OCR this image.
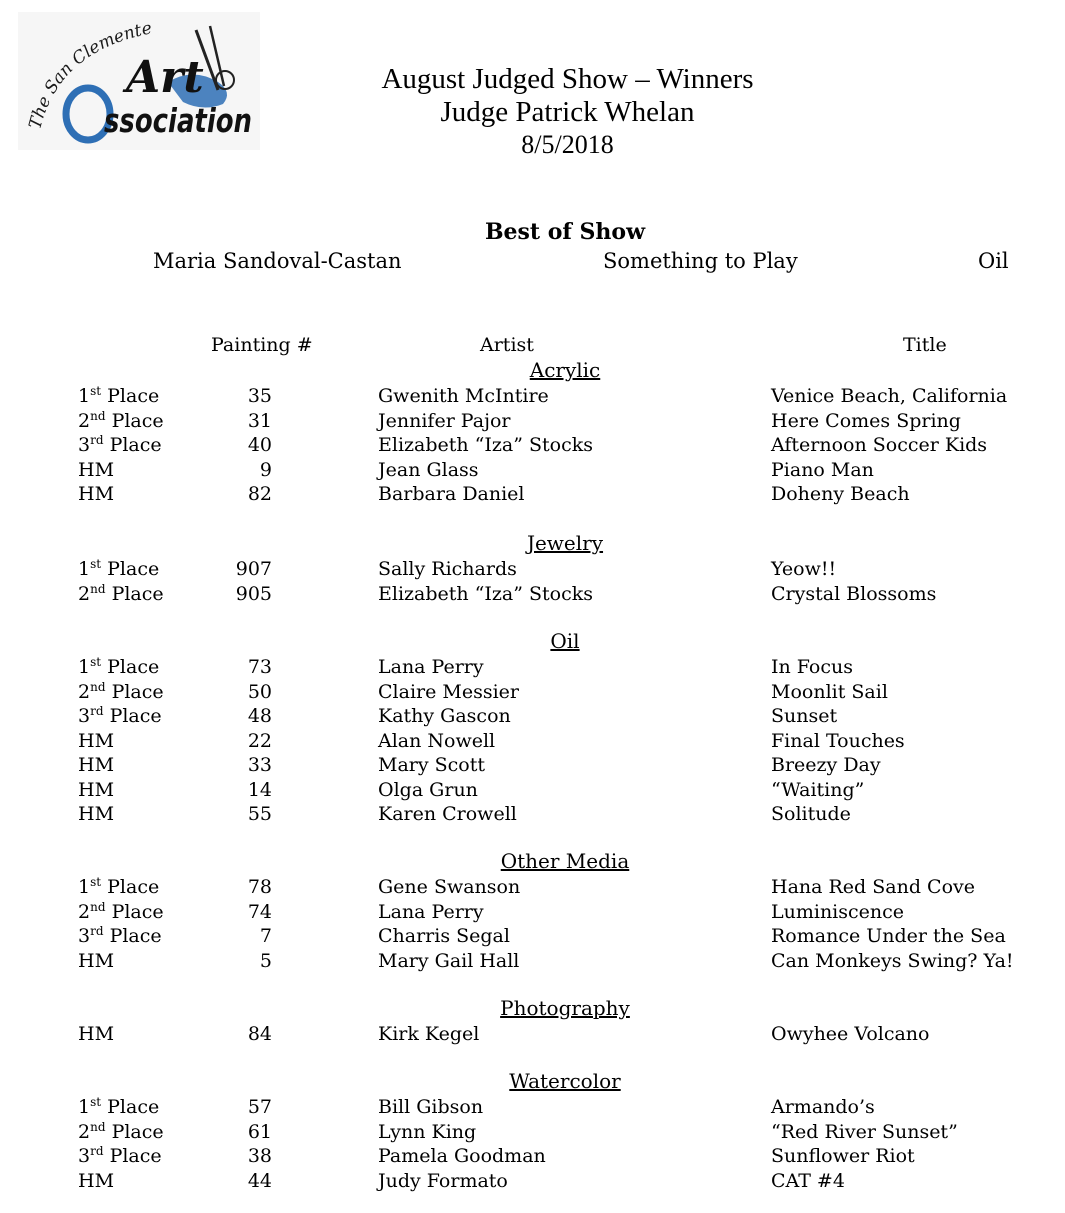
The San Clemente
Art
ssociation
August Judged Show – Winners
Judge Patrick Whelan
8/5/2018
Best of Show
Maria Sandoval-Castan	Something to Play	Oil
Painting #	Artist	Title
Acrylic
1st Place	35	Gwenith McIntire	Venice Beach, California
2nd Place	31	Jennifer Pajor	Here Comes Spring
3rd Place	40	Elizabeth “Iza” Stocks	Afternoon Soccer Kids
HM	9	Jean Glass	Piano Man
HM	82	Barbara Daniel	Doheny Beach
Jewelry
1st Place	907	Sally Richards	Yeow!!
2nd Place	905	Elizabeth “Iza” Stocks	Crystal Blossoms
Oil
1st Place	73	Lana Perry	In Focus
2nd Place	50	Claire Messier	Moonlit Sail
3rd Place	48	Kathy Gascon	Sunset
HM	22	Alan Nowell	Final Touches
HM	33	Mary Scott	Breezy Day
HM	14	Olga Grun	“Waiting”
HM	55	Karen Crowell	Solitude
Other Media
1st Place	78	Gene Swanson	Hana Red Sand Cove
2nd Place	74	Lana Perry	Luminiscence
3rd Place	7	Charris Segal	Romance Under the Sea
HM	5	Mary Gail Hall	Can Monkeys Swing? Ya!
Photography
HM	84	Kirk Kegel	Owyhee Volcano
Watercolor
1st Place	57	Bill Gibson	Armando’s
2nd Place	61	Lynn King	“Red River Sunset”
3rd Place	38	Pamela Goodman	Sunflower Riot
HM	44	Judy Formato	CAT #4
